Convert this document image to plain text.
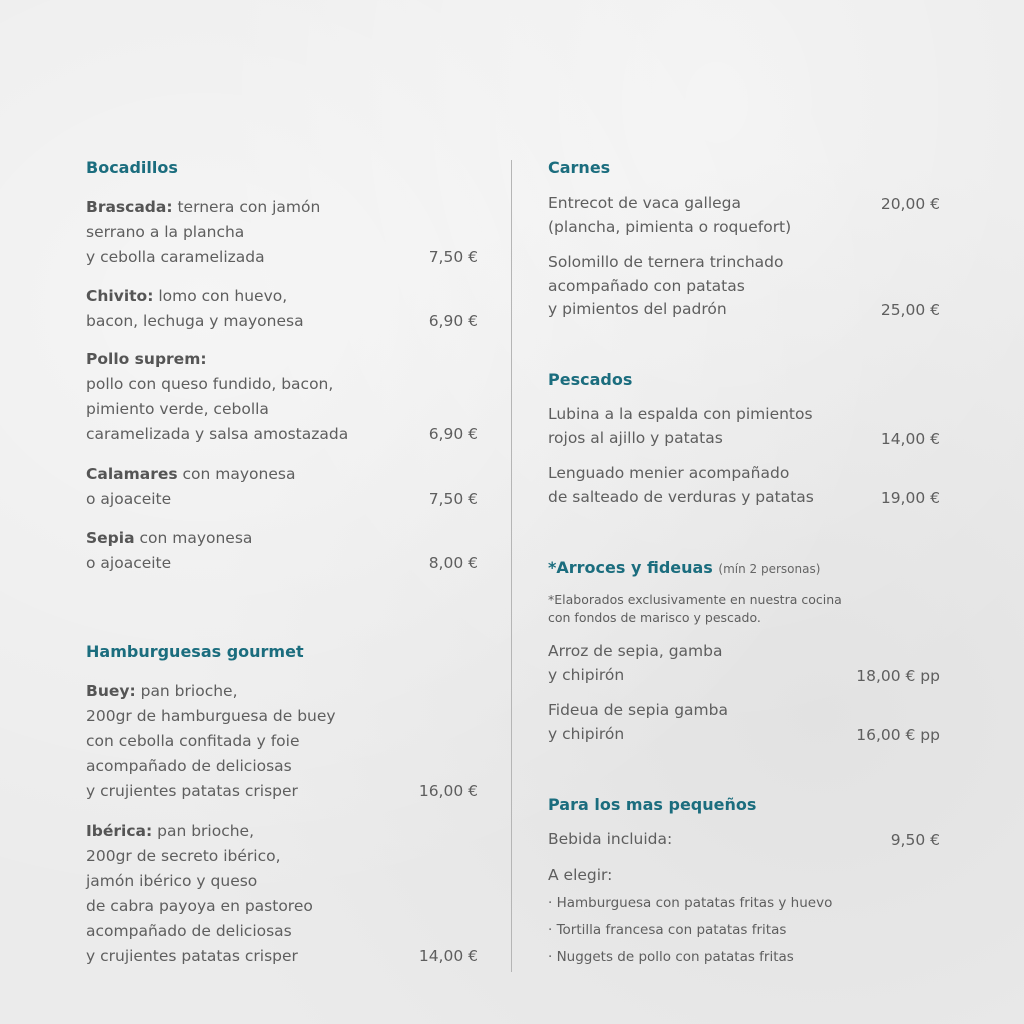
Bocadillos
Brascada: ternera con jamón
serrano a la plancha
y cebolla caramelizada	7,50 €
Chivito: lomo con huevo,
bacon, lechuga y mayonesa	6,90 €
Pollo suprem:
pollo con queso fundido, bacon,
pimiento verde, cebolla
caramelizada y salsa amostazada	6,90 €
Calamares con mayonesa
o ajoaceite	7,50 €
Sepia con mayonesa
o ajoaceite	8,00 €
Hamburguesas gourmet
Buey: pan brioche,
200gr de hamburguesa de buey
con cebolla confitada y foie
acompañado de deliciosas
y crujientes patatas crisper	16,00 €
Ibérica: pan brioche,
200gr de secreto ibérico,
jamón ibérico y queso
de cabra payoya en pastoreo
acompañado de deliciosas
y crujientes patatas crisper	14,00 €
Carnes
Entrecot de vaca gallega
(plancha, pimienta o roquefort)
20,00 €
Solomillo de ternera trinchado
acompañado con patatas
y pimientos del padrón	25,00 €
Pescados
Lubina a la espalda con pimientos
rojos al ajillo y patatas	14,00 €
Lenguado menier acompañado
de salteado de verduras y patatas	19,00 €
*Arroces y fideuas (mín 2 personas)
*Elaborados exclusivamente en nuestra cocina
con fondos de marisco y pescado.
Arroz de sepia, gamba
y chipirón	18,00 € pp
Fideua de sepia gamba
y chipirón	16,00 € pp
Para los mas pequeños
Bebida incluida:	9,50 €
A elegir:
· Hamburguesa con patatas fritas y huevo
· Tortilla francesa con patatas fritas
· Nuggets de pollo con patatas fritas
